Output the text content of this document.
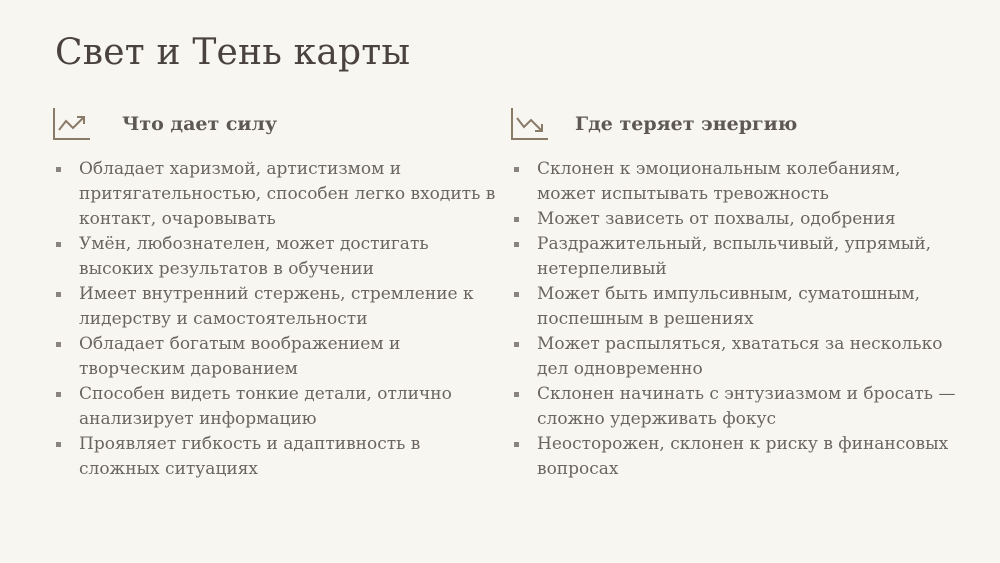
Свет и Тень карты
Что дает силу
Обладает харизмой, артистизмом и
притягательностью, способен легко входить в
контакт, очаровывать
Умён, любознателен, может достигать
высоких результатов в обучении
Имеет внутренний стержень, стремление к
лидерству и самостоятельности
Обладает богатым воображением и
творческим дарованием
Способен видеть тонкие детали, отлично
анализирует информацию
Проявляет гибкость и адаптивность в
сложных ситуациях
Где теряет энергию
Склонен к эмоциональным колебаниям,
может испытывать тревожность
Может зависеть от похвалы, одобрения
Раздражительный, вспыльчивый, упрямый,
нетерпеливый
Может быть импульсивным, суматошным,
поспешным в решениях
Может распыляться, хвататься за несколько
дел одновременно
Склонен начинать с энтузиазмом и бросать —
сложно удерживать фокус
Неосторожен, склонен к риску в финансовых
вопросах
